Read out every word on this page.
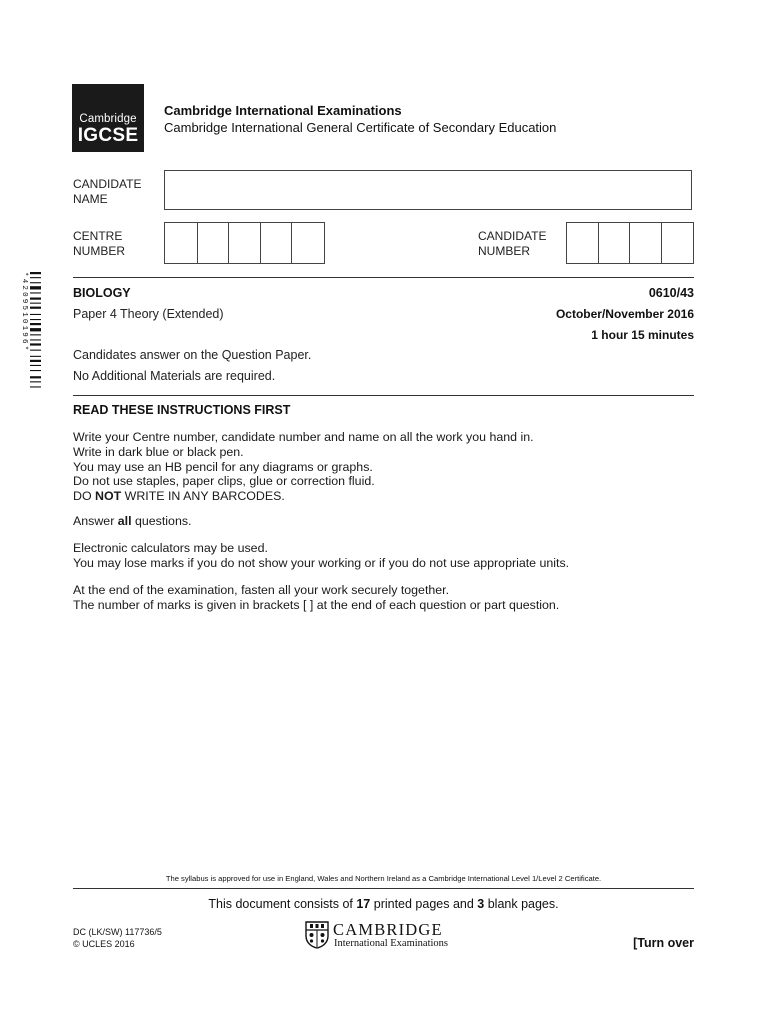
Cambridge
IGCSE
Cambridge International Examinations
Cambridge International General Certificate of Secondary Education
CANDIDATE
NAME
CENTRE
NUMBER
CANDIDATE
NUMBER
*4209510196*	BIOLOGY	0610/43
Paper 4 Theory (Extended)	October/November 2016
1 hour 15 minutes
Candidates answer on the Question Paper.
No Additional Materials are required.
READ THESE INSTRUCTIONS FIRST
Write your Centre number, candidate number and name on all the work you hand in.
Write in dark blue or black pen.
You may use an HB pencil for any diagrams or graphs.
Do not use staples, paper clips, glue or correction fluid.
DO NOT WRITE IN ANY BARCODES.
Answer all questions.
Electronic calculators may be used.
You may lose marks if you do not show your working or if you do not use appropriate units.
At the end of the examination, fasten all your work securely together.
The number of marks is given in brackets [ ] at the end of each question or part question.
The syllabus is approved for use in England, Wales and Northern Ireland as a Cambridge International Level 1/Level 2 Certificate.
This document consists of 17 printed pages and 3 blank pages.
DC (LK/SW) 117736/5
© UCLES 2016
CAMBRIDGE
International Examinations	[Turn over
